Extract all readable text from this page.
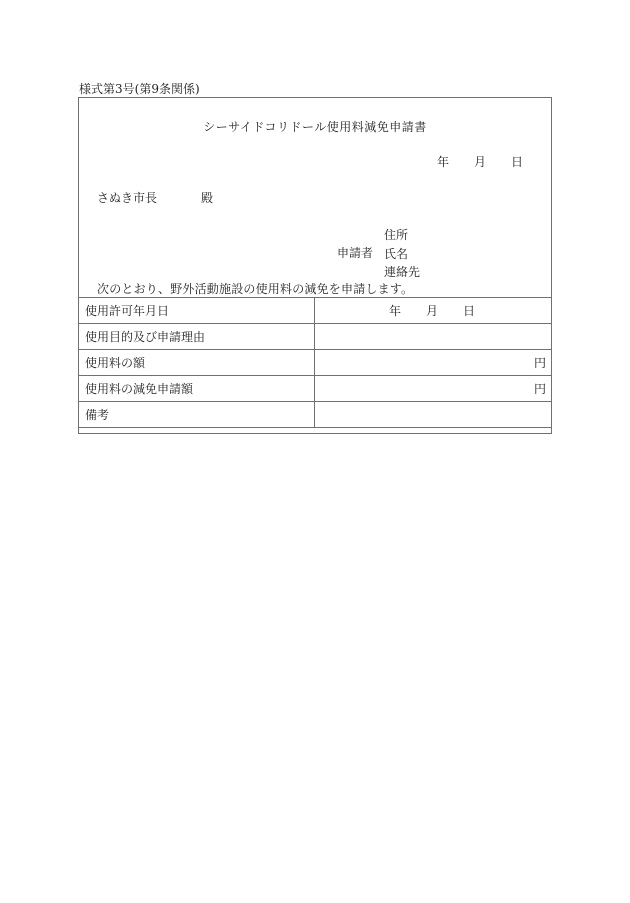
様式第3号(第9条関係)
シーサイドコリドール使用料減免申請書
年	月	日
さぬき市長	殿
申請者
住所
氏名
連絡先
次のとおり、野外活動施設の使用料の減免を申請します。
使用許可年月日	年 月 日

使用目的及び申請理由	
使用料の額	円
使用料の減免申請額	円
備考	
